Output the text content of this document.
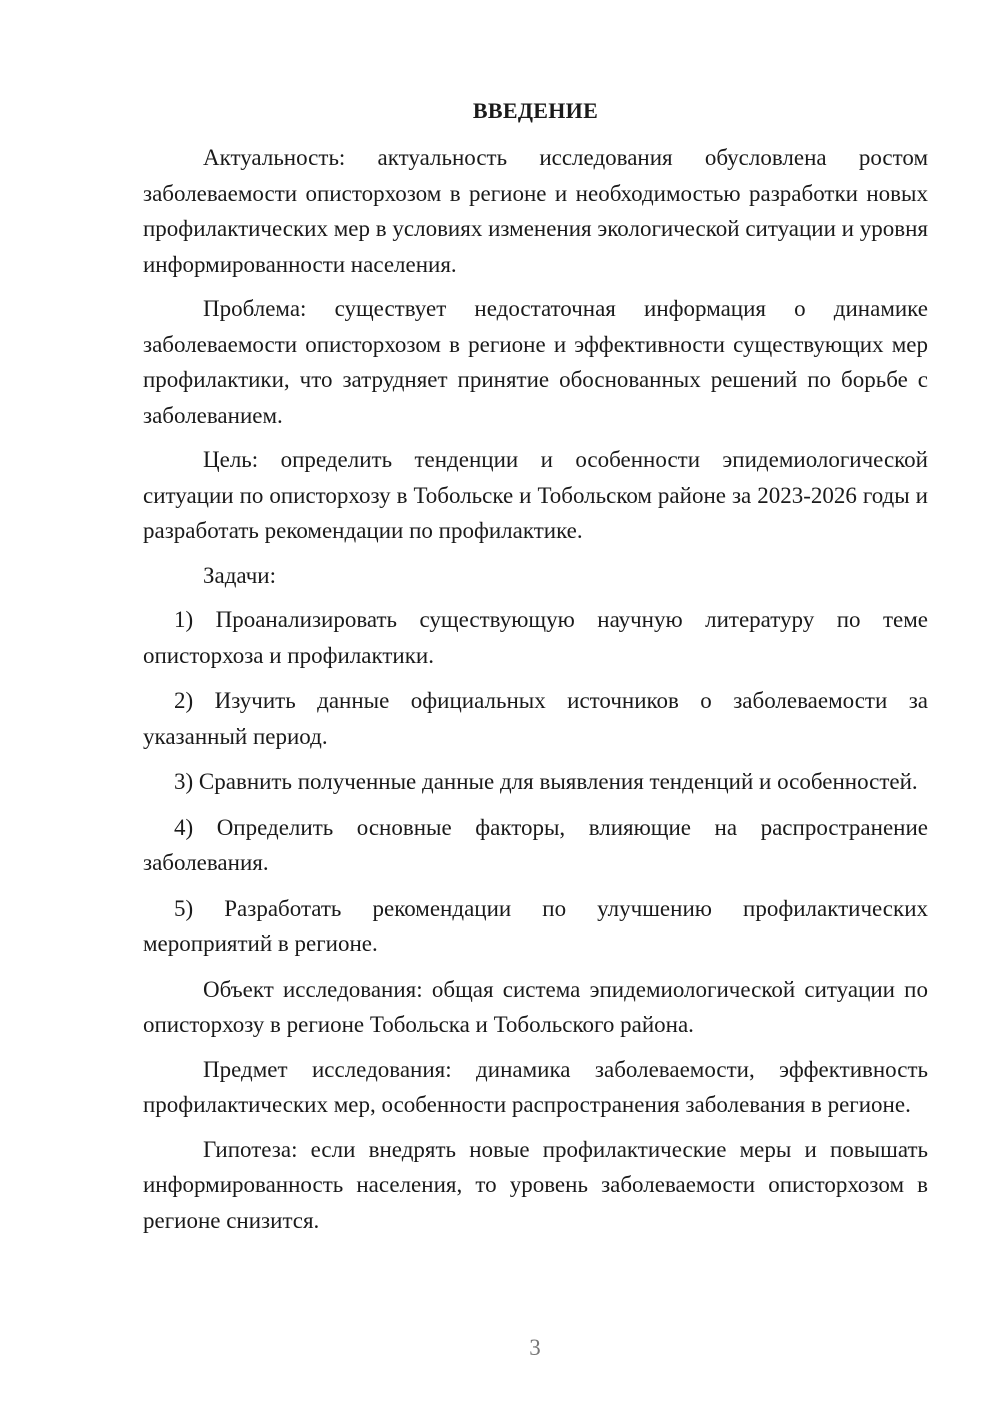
ВВЕДЕНИЕ

Актуальность: актуальность исследования обусловлена ростом заболеваемости описторхозом в регионе и необходимостью разработки новых профилактических мер в условиях изменения экологической ситуации и уровня информированности населения.

Проблема: существует недостаточная информация о динамике заболеваемости описторхозом в регионе и эффективности существующих мер профилактики, что затрудняет принятие обоснованных решений по борьбе с заболеванием.

Цель: определить тенденции и особенности эпидемиологической ситуации по описторхозу в Тобольске и Тобольском районе за 2023-2026 годы и разработать рекомендации по профилактике.

Задачи:

1) Проанализировать существующую научную литературу по теме описторхоза и профилактики.

2) Изучить данные официальных источников о заболеваемости за указанный период.

3) Сравнить полученные данные для выявления тенденций и особенностей.

4) Определить основные факторы, влияющие на распространение заболевания.

5) Разработать рекомендации по улучшению профилактических мероприятий в регионе.

Объект исследования: общая система эпидемиологической ситуации по описторхозу в регионе Тобольска и Тобольского района.

Предмет исследования: динамика заболеваемости, эффективность профилактических мер, особенности распространения заболевания в регионе.

Гипотеза: если внедрять новые профилактические меры и повышать информированность населения, то уровень заболеваемости описторхозом в регионе снизится.

3
